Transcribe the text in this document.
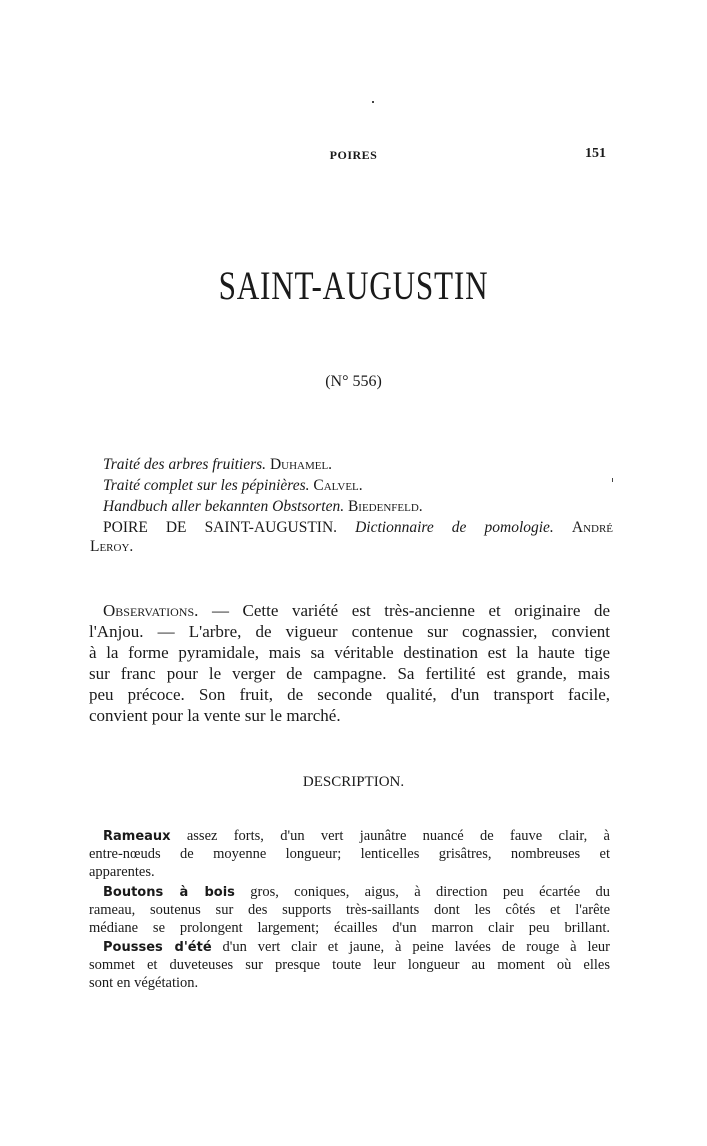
POIRES	151
SAINT-AUGUSTIN
(N° 556)
Traité des arbres fruitiers. Duhamel.
Traité complet sur les pépinières. Calvel.
Handbuch aller bekannten Obstsorten. Biedenfeld.
POIRE DE SAINT-AUGUSTIN. Dictionnaire de pomologie. André
Leroy.
Observations. — Cette variété est très-ancienne et originaire de
l'Anjou. — L'arbre, de vigueur contenue sur cognassier, convient
à la forme pyramidale, mais sa véritable destination est la haute tige
sur franc pour le verger de campagne. Sa fertilité est grande, mais
peu précoce. Son fruit, de seconde qualité, d'un transport facile,
convient pour la vente sur le marché.
DESCRIPTION.
Rameaux assez forts, d'un vert jaunâtre nuancé de fauve clair, à
entre-nœuds de moyenne longueur; lenticelles grisâtres, nombreuses et
apparentes.
Boutons à bois gros, coniques, aigus, à direction peu écartée du
rameau, soutenus sur des supports très-saillants dont les côtés et l'arête
médiane se prolongent largement; écailles d'un marron clair peu brillant.
Pousses d'été d'un vert clair et jaune, à peine lavées de rouge à leur
sommet et duveteuses sur presque toute leur longueur au moment où elles
sont en végétation.
